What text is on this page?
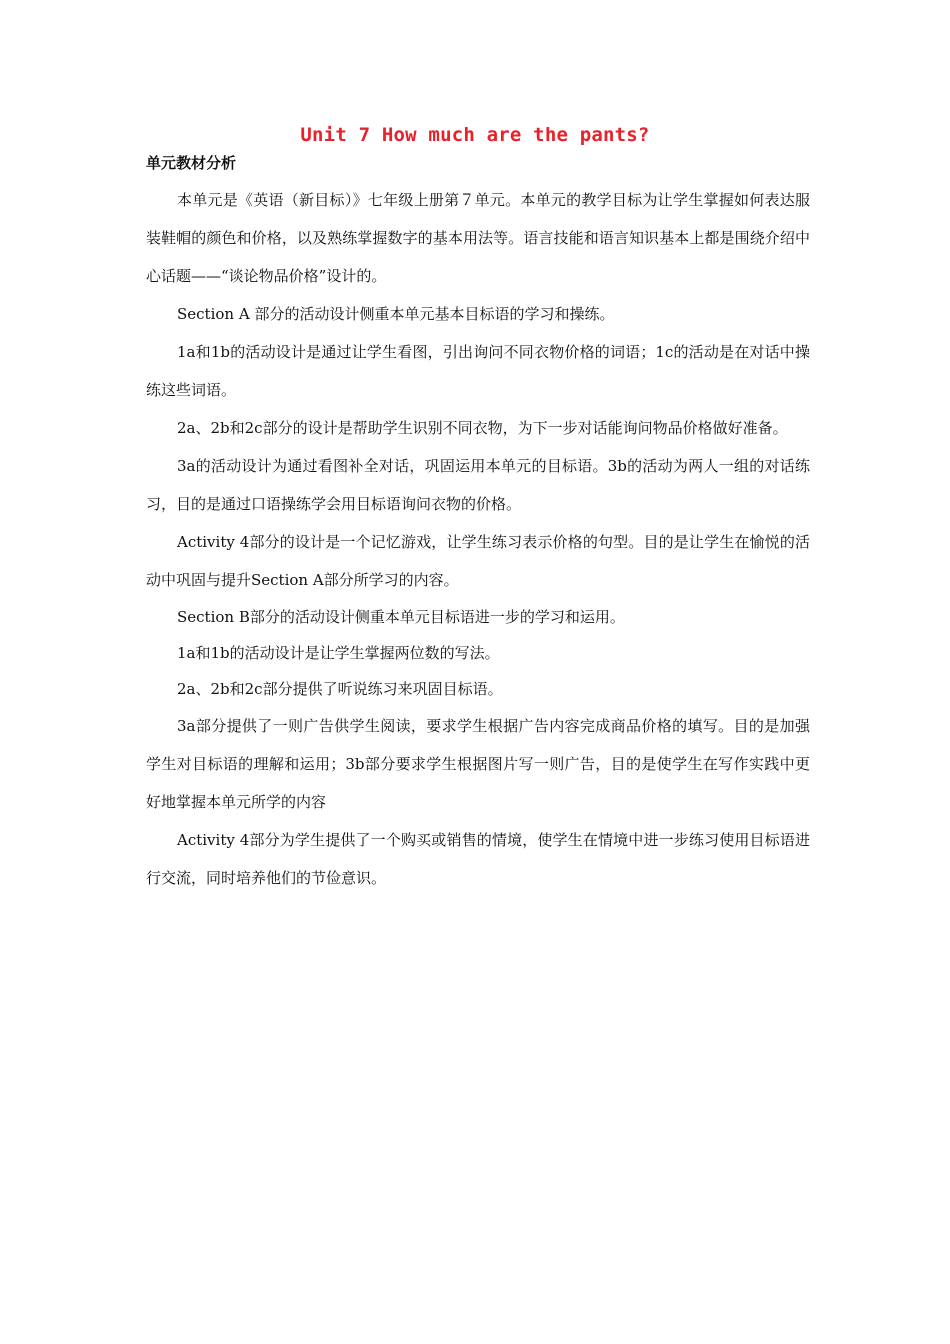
Unit 7 How much are the pants?
单元教材分析

本单元是《英语（新目标）》七年级上册第７单元。本单元的教学目标为让学生掌握如何表达服装鞋帽的颜色和价格，以及熟练掌握数字的基本用法等。语言技能和语言知识基本上都是围绕介绍中心话题——“谈论物品价格”设计的。

Section A 部分的活动设计侧重本单元基本目标语的学习和操练。

1a和1b的活动设计是通过让学生看图，引出询问不同衣物价格的词语；1c的活动是在对话中操练这些词语。

2a、2b和2c部分的设计是帮助学生识别不同衣物，为下一步对话能询问物品价格做好准备。

3a的活动设计为通过看图补全对话，巩固运用本单元的目标语。3b的活动为两人一组的对话练习，目的是通过口语操练学会用目标语询问衣物的价格。

Activity 4部分的设计是一个记忆游戏，让学生练习表示价格的句型。目的是让学生在愉悦的活动中巩固与提升Section A部分所学习的内容。

Section B部分的活动设计侧重本单元目标语进一步的学习和运用。

1a和1b的活动设计是让学生掌握两位数的写法。

2a、2b和2c部分提供了听说练习来巩固目标语。

3a部分提供了一则广告供学生阅读，要求学生根据广告内容完成商品价格的填写。目的是加强学生对目标语的理解和运用；3b部分要求学生根据图片写一则广告，目的是使学生在写作实践中更好地掌握本单元所学的内容

Activity 4部分为学生提供了一个购买或销售的情境，使学生在情境中进一步练习使用目标语进行交流，同时培养他们的节俭意识。
